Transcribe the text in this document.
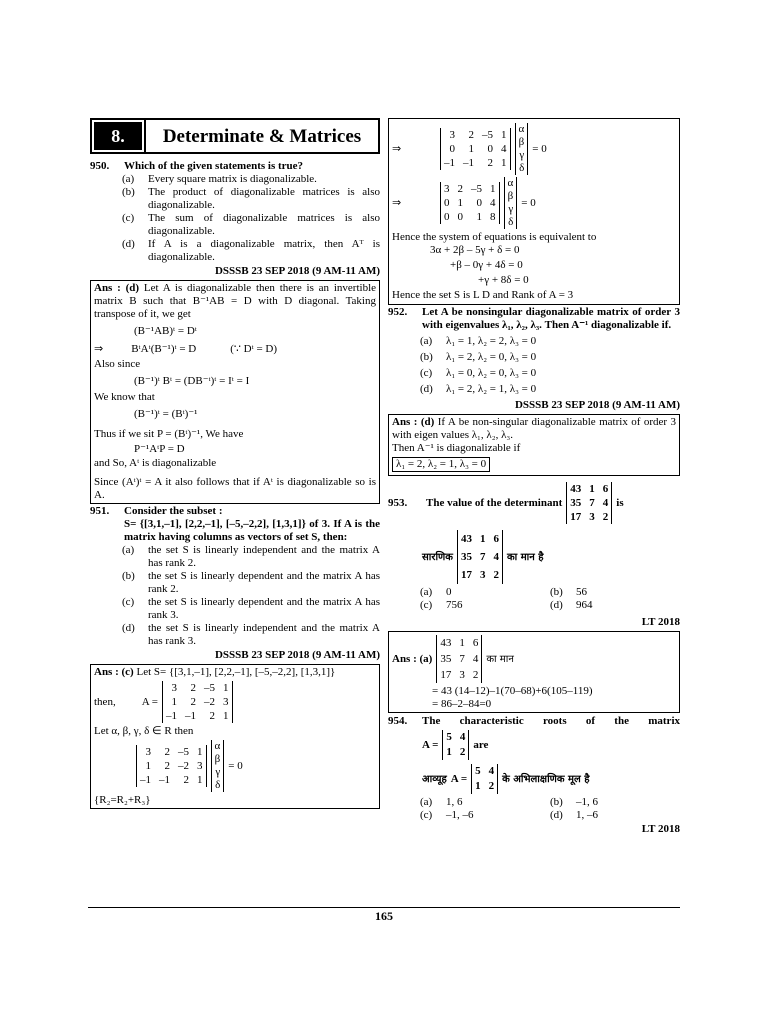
8.	Determinate & Matrices
950.	Which of the given statements is true?
(a)	Every square matrix is diagonalizable.
(b)	The product of diagonalizable matrices is also diagonalizable.
(c)	The sum of diagonalizable matrices is also diagonalizable.
(d)	If A is a diagonalizable matrix, then Aᵀ is diagonalizable.
DSSSB 23 SEP 2018 (9 AM-11 AM)
Ans : (d) Let A is diagonalizable then there is an invertible matrix B such that B⁻¹AB = D with D diagonal. Taking transpose of it, we get
(B⁻¹AB)ᵗ = Dᵗ
⇒	BᵗAᵗ(B⁻¹)ᵗ = D	(∵ Dᵗ = D)
Also since
(B⁻¹)ᵗ Bᵗ = (DB⁻ᵗ)ᵗ = Iᵗ = I
We know that
(B⁻¹)ᵗ = (Bᵗ)⁻¹
Thus if we sit P = (Bᵗ)⁻¹, We have
P⁻¹AᵗP = D
and So, Aᵗ is diagonalizable
Since (Aᵗ)ᵗ = A it also follows that if Aᵗ is diagonalizable so is A.
951.	Consider the subset :
S= {[3,1,–1], [2,2,–1], [–5,–2,2], [1,3,1]} of 3. If A is the matrix having columns as vectors of set S, then:
(a)	the set S is linearly independent and the matrix A has rank 2.
(b)	the set S is linearly dependent and the matrix A has rank 2.
(c)	the set S is linearly dependent and the matrix A has rank 3.
(d)	the set S is linearly independent and the matrix A has rank 3.
DSSSB 23 SEP 2018 (9 AM-11 AM)
Ans : (c) Let S= {[3,1,–1], [2,2,–1], [–5,–2,2], [1,3,1]}
then, A =
3	2 –5 1
1	2 –2 3
–1 –1	2 1
Let α, β, γ, δ ∈ R then
3	2 –5 1
1	2 –2 3
–1 –1	2 1
α
β
γ
δ
= 0
{R₂=R₂+R₃}
⇒
3	2 –5 1
0	1	0 4
–1 –1	2 1
α
β
γ
δ
= 0
⇒
3 2 –5 1
0 1	0 4
0 0	1 8
α
β
γ
δ
= 0
Hence the system of equations is equivalent to
3α + 2β – 5γ + δ = 0
+β – 0γ + 4δ = 0
+γ + 8δ = 0
Hence the set S is L D and Rank of A = 3
952.	Let A be nonsingular diagonalizable matrix of order 3 with eigenvalues λ₁, λ₂, λ₃. Then A⁻¹ diagonalizable if.
(a)	λ₁ = 1, λ₂ = 2, λ₃ = 0
(b)	λ₁ = 2, λ₂ = 0, λ₃ = 0
(c)	λ₁ = 0, λ₂ = 0, λ₃ = 0
(d)	λ₁ = 2, λ₂ = 1, λ₃ = 0
DSSSB 23 SEP 2018 (9 AM-11 AM)
Ans : (d) If A be non-singular diagonalizable matrix of order 3 with eigen values λ₁, λ₂, λ₃.
Then A⁻¹ is diagonalizable if
λ₁ = 2, λ₂ = 1, λ₃ = 0
953.	The value of the determinant
43 1 6
35 7 4
17 3 2
is
सारणिक
43 1 6
35 7 4
17 3 2
का मान है
(a)	0	(b)	56
(c)	756	(d)	964
LT 2018
Ans : (a)
43 1 6
35 7 4
17 3 2
का मान
= 43 (14–12)–1(70–68)+6(105–119)
= 86–2–84=0
954.	The characteristic roots of the matrix
A =
5 4
1 2
are
आव्यूह A =
5 4
1 2
के अभिलाक्षणिक मूल है
(a)	1, 6	(b)	–1, 6
(c)	–1, –6	(d)	1, –6
LT 2018
165
